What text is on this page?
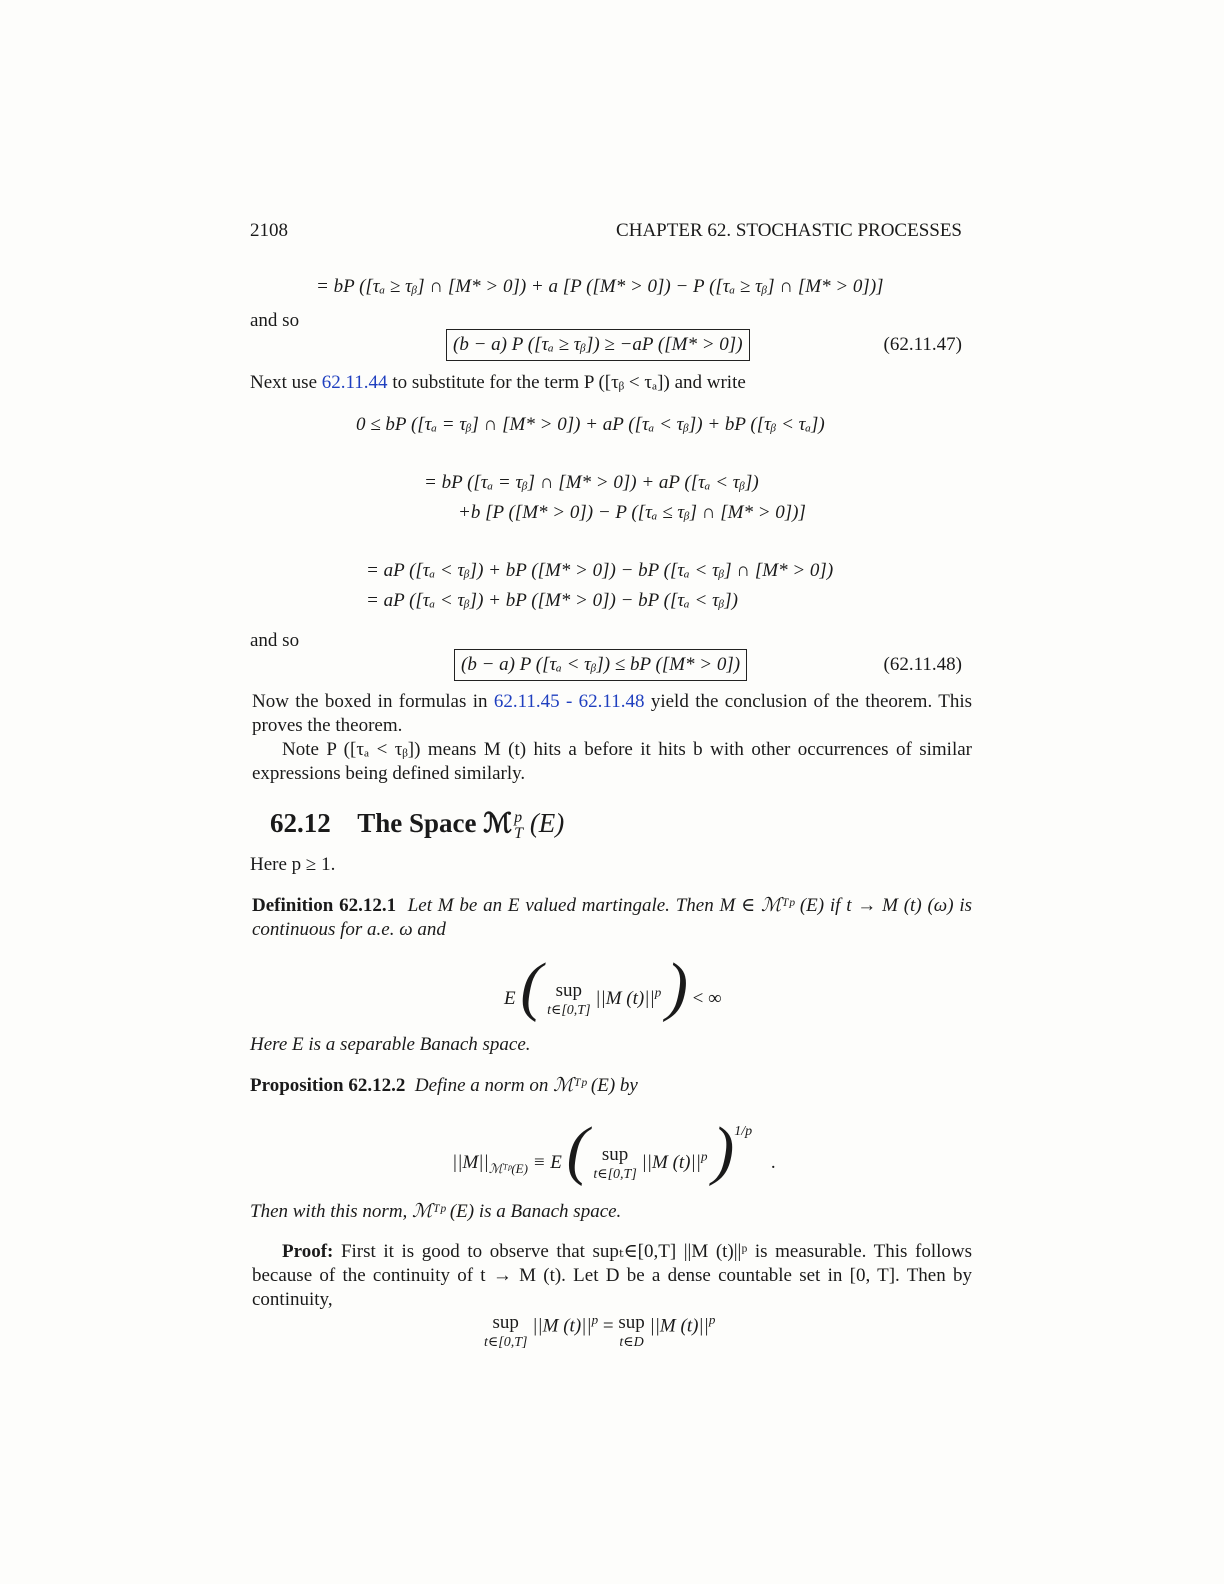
2108	CHAPTER 62. STOCHASTIC PROCESSES
= bP ([τₐ ≥ τᵦ] ∩ [M* > 0]) + a [P ([M* > 0]) − P ([τₐ ≥ τᵦ] ∩ [M* > 0])]
and so
(b − a) P ([τₐ ≥ τᵦ]) ≥ −aP ([M* > 0])	(62.11.47)
Next use 62.11.44 to substitute for the term P ([τᵦ < τₐ]) and write
0 ≤ bP ([τₐ = τᵦ] ∩ [M* > 0]) + aP ([τₐ < τᵦ]) + bP ([τᵦ < τₐ])
= bP ([τₐ = τᵦ] ∩ [M* > 0]) + aP ([τₐ < τᵦ])
+b [P ([M* > 0]) − P ([τₐ ≤ τᵦ] ∩ [M* > 0])]
= aP ([τₐ < τᵦ]) + bP ([M* > 0]) − bP ([τₐ < τᵦ] ∩ [M* > 0])
= aP ([τₐ < τᵦ]) + bP ([M* > 0]) − bP ([τₐ < τᵦ])
and so
(b − a) P ([τₐ < τᵦ]) ≤ bP ([M* > 0])	(62.11.48)
Now the boxed in formulas in 62.11.45 - 62.11.48 yield the conclusion of the theorem. This proves the theorem.
Note P ([τₐ < τᵦ]) means M (t) hits a before it hits b with other occurrences of similar expressions being defined similarly.
62.12 The Space ℳ p
T (E)
Here p ≥ 1.
Definition 62.12.1 Let M be an E valued martingale. Then M ∈ ℳᵀᵖ (E) if t → M (t) (ω) is continuous for a.e. ω and
E ( sup
t∈[0,T]
||M $(t)||^p$ ) < ∞
Here E is a separable Banach space.
Proposition 62.12.2 Define a norm on ℳᵀᵖ (E) by
$||M||_{ℳᵀᵖ(E)} \equiv E$ ( sup
t∈[0,T]
||M $(t)||^p$ )$^{1/p}$ .
Then with this norm, ℳᵀᵖ (E) is a Banach space.
Proof: First it is good to observe that supₜ∈[0,T] ||M (t)||ᵖ is measurable. This follows because of the continuity of t → M (t). Let D be a dense countable set in [0, T]. Then by continuity,
sup
t∈[0,T]
||M $(t)||^p$ = sup
t∈D
||M $(t)||^p$
